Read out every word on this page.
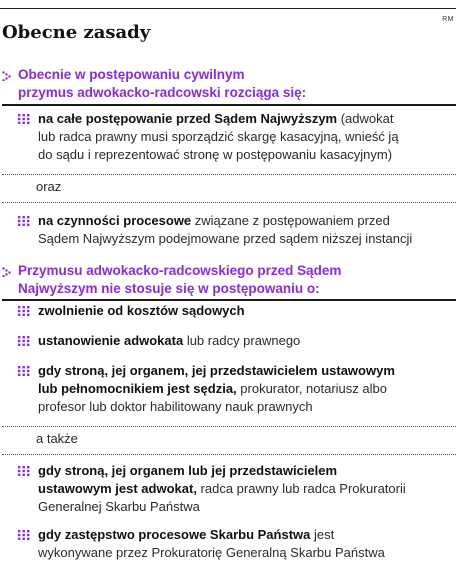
RM
Obecne zasady
Obecnie w postępowaniu cywilnym
przymus adwokacko-radcowski rozciąga się:
na całe postępowanie przed Sądem Najwyższym (adwokat
lub radca prawny musi sporządzić skargę kasacyjną, wnieść ją
do sądu i reprezentować stronę w postępowaniu kasacyjnym)
oraz
na czynności procesowe związane z postępowaniem przed
Sądem Najwyższym podejmowane przed sądem niższej instancji
Przymusu adwokacko-radcowskiego przed Sądem
Najwyższym nie stosuje się w postępowaniu o:
zwolnienie od kosztów sądowych
ustanowienie adwokata lub radcy prawnego
gdy stroną, jej organem, jej przedstawicielem ustawowym
lub pełnomocnikiem jest sędzia, prokurator, notariusz albo
profesor lub doktor habilitowany nauk prawnych
a także
gdy stroną, jej organem lub jej przedstawicielem
ustawowym jest adwokat, radca prawny lub radca Prokuratorii
Generalnej Skarbu Państwa
gdy zastępstwo procesowe Skarbu Państwa jest
wykonywane przez Prokuratorię Generalną Skarbu Państwa
